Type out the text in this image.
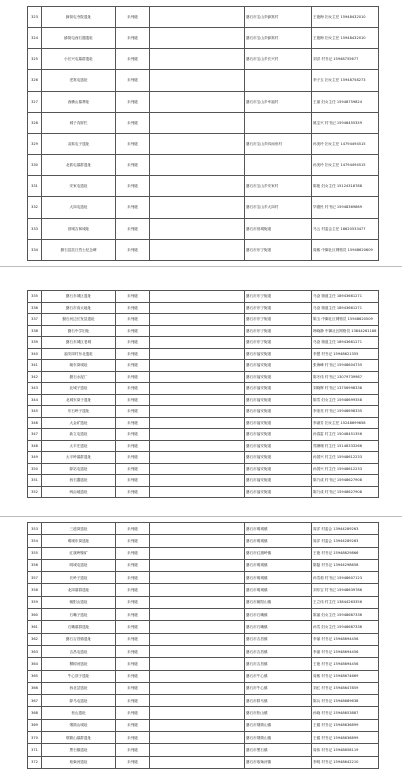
323	蜂窝屯寺院遗址	未列级		磐石市宝山乡蜂窝村	王艳梅 妇女主任 15948432010
324	蜂窝屯西石器遗址	未列级		磐石市宝山乡蜂窝村	王艳梅 妇女主任 15948432010
325	小长兴屯墓群遗址	未列级		磐石市宝山乡长兴村	刘洪 村书记 15948755677
326	老窝屯遗址	未列级			李子玉 妇女主任 15948758273
327	西横山墓葬址	未列级		磐石市宝山乡幸福村	王丽 妇女主任 15948759824
328	城子沟屏栏	未列级			姚宝兴 村书记 15948455359
329	双狐屯子遗址	未列级		磐石市宝山乡四间房村	孙美玲 妇女主任 14794494515
330	北狐屯墓群遗址	未列级			孙美玲 妇女主任 14794494515
331	安家屯遗址	未列级		磐石市宝山乡安家村	陈艳 妇女主任 15124318788
332	大岗屯遗址	未列级		磐石市宝山乡大岗村	毕德民 村书记 15948369869
333	营城吉林城址	未列级		磐石市营城街道	马云 村委会主任 18620533477
334	磐石县抗日烈士纪念碑	未列级		磐石市东宁街道	周敏 中御社区网格员 15948620609
335	磐石东城区遗址	未列级		磐石市东宁街道	马奋 街道主任 18943661271
336	磐石市高大地址	未列级		磐石市东宁街道	马奋 街道主任 18943661271
337	磐石河边长发县遗址	未列级		磐石市东宁街道	陈玉 中御社区网格员 15948620509
338	磐石中学旧址	未列级		磐石市东宁街道	韩晓静 中御社区网格员 13844261188
339	磐石东城区老城	未列级		磐石市东宁街道	马奋 街道主任 18943661271
340	福安岗村东北遗址	未列级		磐石市福安街道	李慧 村书记 15948621355
341	朝东岗城址	未列级		磐石市福安街道	张海峰 村书记 15948604735
342	磐石水泥厂	未列级		磐石市福安街道	陈冬伟 村书记 13079739987
343	北城子遗址	未列级		磐石市福安街道	刘晓辉 村书记 13756998338
344	北城东岗子遗址	未列级		磐石市福安街道	陈雪 妇女主任 15948699358
345	东石岭子遗址	未列级		磐石市福安街道	李奎亮 村书记 15948698335
346	大金矿遗址	未列级		磐石市福安街道	李淑芳 妇女主任 15248699658
347	新立屯遗址	未列级		磐石市福安街道	孙春雷 村主任 15048451356
348	太平庄遗址	未列级		磐石市福安街道	郑珊珊 村主任 15148333266
349	太平岭墓群遗址	未列级		磐石市福安街道	孙国兴 村主任 15948612233
350	驿站屯遗址	未列级		磐石市福安街道	孙国兴 村主任 15948612233
351	西石器遗址	未列级		磐石市福安街道	陈乃成 村书记 15948627908
352	两亩地遗址	未列级		磐石市福安街道	陈乃成 村书记 15948627908
353	三道岗遗址	未列级		磐石市明城镇	周洋 村委会 13944289263
354	明城东岗遗址	未列级		磐石市明城镇	周洋 村委会 13944289263
355	红旗岭镍矿	未列级		磐石市红旗岭镇	王艳 村书记 15948629866
356	明城屯遗址	未列级		磐石市明城镇	陈磊 村书记 13944298658
357	长岭子遗址	未列级		磐石市明城镇	孙雪莉 村书记 15948607123
358	北岗墓群遗址	未列级		磐石市明城镇	刘东宝 村书记 15948639786
359	朝阳山遗址	未列级		磐石市朝阳山镇	王立伟 村主任 13844263356
360	石嘴子遗址	未列级		磐石市石嘴镇	陈丽 妇女主任 15948687336
361	石嘴墓群遗址	未列级		磐石市石嘴镇	孙雪 妇女主任 15948687336
362	磐石吉昌镇遗址	未列级		磐石市吉昌镇	李丽 村书记 15948694456
363	吉昌屯遗址	未列级		磐石市吉昌镇	李丽 村书记 15948694456
364	柳树河遗址	未列级		磐石市吉昌镇	王艳 村书记 15948694456
365	牛心顶子遗址	未列级		磐石市牛心镇	周敏 村书记 15948674669
366	西北岔遗址	未列级		磐石市牛心镇	刘红 村书记 15948647859
367	驿马屯遗址	未列级		磐石市驿马镇	陈兵 村书记 15948689638
368	松山遗址	未列级		磐石市松山镇	孙晓 村书记 15948653887
369	烟筒山城址	未列级		磐石市烟筒山镇	王健 村书记 15948636899
370	烟筒山墓群遗址	未列级		磐石市烟筒山镇	王健 村书记 15948636899
371	黑石镇遗址	未列级		磐石市黑石镇	周伟 村书记 15948658119
372	取柴河遗址	未列级		磐石市取柴河镇	李明 村书记 15948642210
